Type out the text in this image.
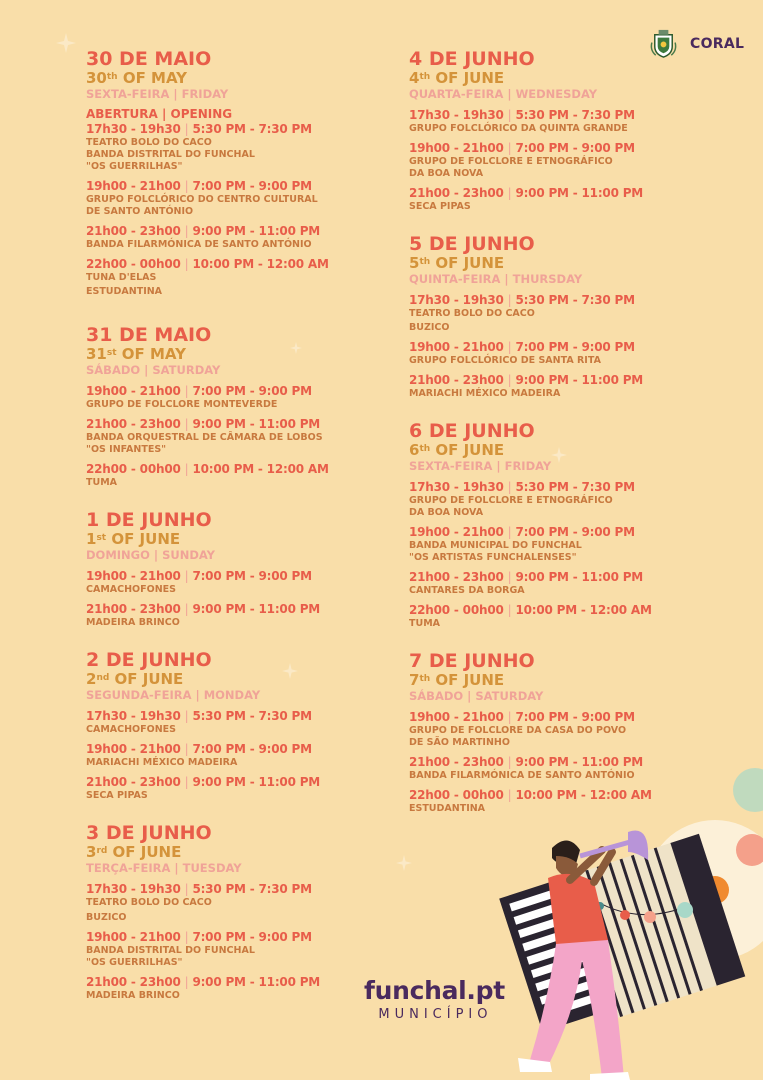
CORAL
30 DE MAIO
30th OF MAY
SEXTA-FEIRA | FRIDAY
ABERTURA | OPENING
17h30 - 19h30 | 5:30 PM - 7:30 PM
TEATRO BOLO DO CACO
BANDA DISTRITAL DO FUNCHAL
"OS GUERRILHAS"
19h00 - 21h00 | 7:00 PM - 9:00 PM
GRUPO FOLCLÓRICO DO CENTRO CULTURAL
DE SANTO ANTÓNIO
21h00 - 23h00 | 9:00 PM - 11:00 PM
BANDA FILARMÓNICA DE SANTO ANTÓNIO
22h00 - 00h00 | 10:00 PM - 12:00 AM
TUNA D'ELAS
ESTUDANTINA
31 DE MAIO
31st OF MAY
SÁBADO | SATURDAY
19h00 - 21h00 | 7:00 PM - 9:00 PM
GRUPO DE FOLCLORE MONTEVERDE
21h00 - 23h00 | 9:00 PM - 11:00 PM
BANDA ORQUESTRAL DE CÂMARA DE LOBOS
"OS INFANTES"
22h00 - 00h00 | 10:00 PM - 12:00 AM
TUMA
1 DE JUNHO
1st OF JUNE
DOMINGO | SUNDAY
19h00 - 21h00 | 7:00 PM - 9:00 PM
CAMACHOFONES
21h00 - 23h00 | 9:00 PM - 11:00 PM
MADEIRA BRINCO
2 DE JUNHO
2nd OF JUNE
SEGUNDA-FEIRA | MONDAY
17h30 - 19h30 | 5:30 PM - 7:30 PM
CAMACHOFONES
19h00 - 21h00 | 7:00 PM - 9:00 PM
MARIACHI MÉXICO MADEIRA
21h00 - 23h00 | 9:00 PM - 11:00 PM
SECA PIPAS
3 DE JUNHO
3rd OF JUNE
TERÇA-FEIRA | TUESDAY
17h30 - 19h30 | 5:30 PM - 7:30 PM
TEATRO BOLO DO CACO
BUZICO
19h00 - 21h00 | 7:00 PM - 9:00 PM
BANDA DISTRITAL DO FUNCHAL
"OS GUERRILHAS"
21h00 - 23h00 | 9:00 PM - 11:00 PM
MADEIRA BRINCO
4 DE JUNHO
4th OF JUNE
QUARTA-FEIRA | WEDNESDAY
17h30 - 19h30 | 5:30 PM - 7:30 PM
GRUPO FOLCLÓRICO DA QUINTA GRANDE
19h00 - 21h00 | 7:00 PM - 9:00 PM
GRUPO DE FOLCLORE E ETNOGRÁFICO
DA BOA NOVA
21h00 - 23h00 | 9:00 PM - 11:00 PM
SECA PIPAS
5 DE JUNHO
5th OF JUNE
QUINTA-FEIRA | THURSDAY
17h30 - 19h30 | 5:30 PM - 7:30 PM
TEATRO BOLO DO CACO
BUZICO
19h00 - 21h00 | 7:00 PM - 9:00 PM
GRUPO FOLCLÓRICO DE SANTA RITA
21h00 - 23h00 | 9:00 PM - 11:00 PM
MARIACHI MÉXICO MADEIRA
6 DE JUNHO
6th OF JUNE
SEXTA-FEIRA | FRIDAY
17h30 - 19h30 | 5:30 PM - 7:30 PM
GRUPO DE FOLCLORE E ETNOGRÁFICO
DA BOA NOVA
19h00 - 21h00 | 7:00 PM - 9:00 PM
BANDA MUNICIPAL DO FUNCHAL
"OS ARTISTAS FUNCHALENSES"
21h00 - 23h00 | 9:00 PM - 11:00 PM
CANTARES DA BORGA
22h00 - 00h00 | 10:00 PM - 12:00 AM
TUMA
7 DE JUNHO
7th OF JUNE
SÁBADO | SATURDAY
19h00 - 21h00 | 7:00 PM - 9:00 PM
GRUPO DE FOLCLORE DA CASA DO POVO
DE SÃO MARTINHO
21h00 - 23h00 | 9:00 PM - 11:00 PM
BANDA FILARMÓNICA DE SANTO ANTÓNIO
22h00 - 00h00 | 10:00 PM - 12:00 AM
ESTUDANTINA
funchal.pt
MUNICÍPIO
